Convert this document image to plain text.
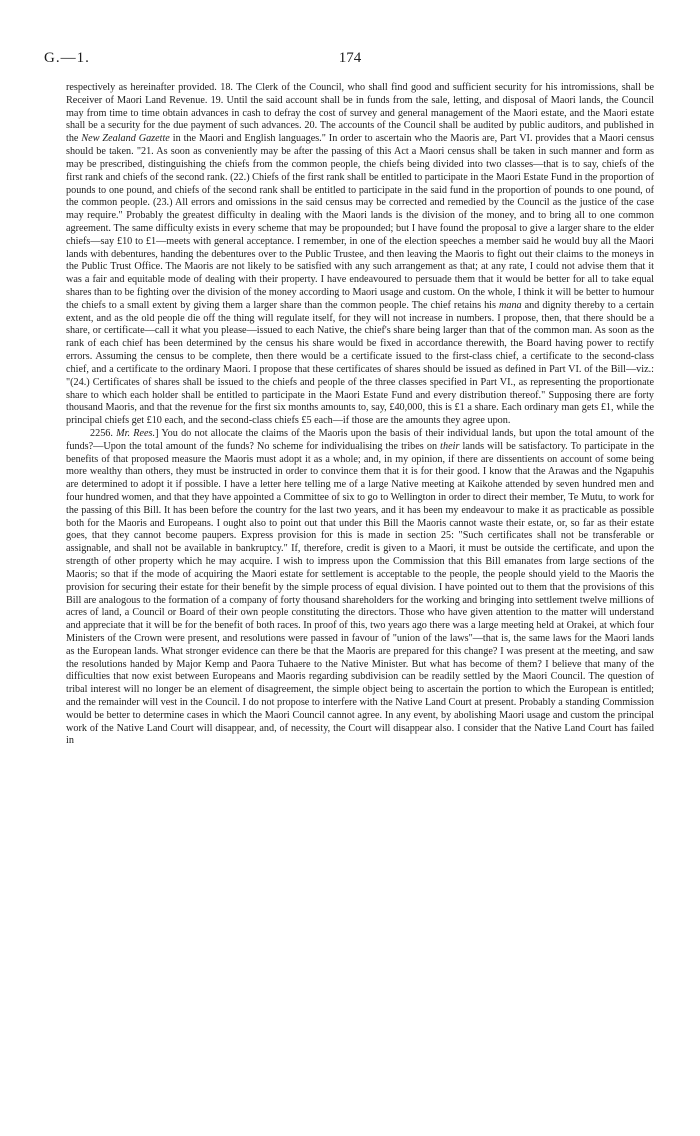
174
G.—1.

respectively as hereinafter provided. 18. The Clerk of the Council, who shall find good and sufficient security for his intromissions, shall be Receiver of Maori Land Revenue. 19. Until the said account shall be in funds from the sale, letting, and disposal of Maori lands, the Council may from time to time obtain advances in cash to defray the cost of survey and general management of the Maori estate, and the Maori estate shall be a security for the due payment of such advances. 20. The accounts of the Council shall be audited by public auditors, and published in the New Zealand Gazette in the Maori and English languages." In order to ascertain who the Maoris are, Part VI. provides that a Maori census should be taken. "21. As soon as conveniently may be after the passing of this Act a Maori census shall be taken in such manner and form as may be prescribed, distinguishing the chiefs from the common people, the chiefs being divided into two classes—that is to say, chiefs of the first rank and chiefs of the second rank. (22.) Chiefs of the first rank shall be entitled to participate in the Maori Estate Fund in the proportion of pounds to one pound, and chiefs of the second rank shall be entitled to participate in the said fund in the proportion of pounds to one pound, of the common people. (23.) All errors and omissions in the said census may be corrected and remedied by the Council as the justice of the case may require." Probably the greatest difficulty in dealing with the Maori lands is the division of the money, and to bring all to one common agreement. The same difficulty exists in every scheme that may be propounded; but I have found the proposal to give a larger share to the elder chiefs—say £10 to £1—meets with general acceptance. I remember, in one of the election speeches a member said he would buy all the Maori lands with debentures, handing the debentures over to the Public Trustee, and then leaving the Maoris to fight out their claims to the moneys in the Public Trust Office. The Maoris are not likely to be satisfied with any such arrangement as that; at any rate, I could not advise them that it was a fair and equitable mode of dealing with their property. I have endeavoured to persuade them that it would be better for all to take equal shares than to be fighting over the division of the money according to Maori usage and custom. On the whole, I think it will be better to humour the chiefs to a small extent by giving them a larger share than the common people. The chief retains his mana and dignity thereby to a certain extent, and as the old people die off the thing will regulate itself, for they will not increase in numbers. I propose, then, that there should be a share, or certificate—call it what you please—issued to each Native, the chief's share being larger than that of the common man. As soon as the rank of each chief has been determined by the census his share would be fixed in accordance therewith, the Board having power to rectify errors. Assuming the census to be complete, then there would be a certificate issued to the first-class chief, a certificate to the second-class chief, and a certificate to the ordinary Maori. I propose that these certificates of shares should be issued as defined in Part VI. of the Bill—viz.: "(24.) Certificates of shares shall be issued to the chiefs and people of the three classes specified in Part VI., as representing the proportionate share to which each holder shall be entitled to participate in the Maori Estate Fund and every distribution thereof." Supposing there are forty thousand Maoris, and that the revenue for the first six months amounts to, say, £40,000, this is £1 a share. Each ordinary man gets £1, while the principal chiefs get £10 each, and the second-class chiefs £5 each—if those are the amounts they agree upon.

2256. Mr. Rees.] You do not allocate the claims of the Maoris upon the basis of their individual lands, but upon the total amount of the funds?—Upon the total amount of the funds? No scheme for individualising the tribes on their lands will be satisfactory. To participate in the benefits of that proposed measure the Maoris must adopt it as a whole; and, in my opinion, if there are dissentients on account of some being more wealthy than others, they must be instructed in order to convince them that it is for their good. I know that the Arawas and the Ngapuhis are determined to adopt it if possible. I have a letter here telling me of a large Native meeting at Kaikohe attended by seven hundred men and four hundred women, and that they have appointed a Committee of six to go to Wellington in order to direct their member, Te Mutu, to work for the passing of this Bill. It has been before the country for the last two years, and it has been my endeavour to make it as practicable as possible both for the Maoris and Europeans. I ought also to point out that under this Bill the Maoris cannot waste their estate, or, so far as their estate goes, that they cannot become paupers. Express provision for this is made in section 25: "Such certificates shall not be transferable or assignable, and shall not be available in bankruptcy." If, therefore, credit is given to a Maori, it must be outside the certificate, and upon the strength of other property which he may acquire. I wish to impress upon the Commission that this Bill emanates from large sections of the Maoris; so that if the mode of acquiring the Maori estate for settlement is acceptable to the people, the people should yield to the Maoris the provision for securing their estate for their benefit by the simple process of equal division. I have pointed out to them that the provisions of this Bill are analogous to the formation of a company of forty thousand shareholders for the working and bringing into settlement twelve millions of acres of land, a Council or Board of their own people constituting the directors. Those who have given attention to the matter will understand and appreciate that it will be for the benefit of both races. In proof of this, two years ago there was a large meeting held at Orakei, at which four Ministers of the Crown were present, and resolutions were passed in favour of "union of the laws"—that is, the same laws for the Maori lands as the European lands. What stronger evidence can there be that the Maoris are prepared for this change? I was present at the meeting, and saw the resolutions handed by Major Kemp and Paora Tuhaere to the Native Minister. But what has become of them? I believe that many of the difficulties that now exist between Europeans and Maoris regarding subdivision can be readily settled by the Maori Council. The question of tribal interest will no longer be an element of disagreement, the simple object being to ascertain the portion to which the European is entitled; and the remainder will vest in the Council. I do not propose to interfere with the Native Land Court at present. Probably a standing Commission would be better to determine cases in which the Maori Council cannot agree. In any event, by abolishing Maori usage and custom the principal work of the Native Land Court will disappear, and, of necessity, the Court will disappear also. I consider that the Native Land Court has failed in
